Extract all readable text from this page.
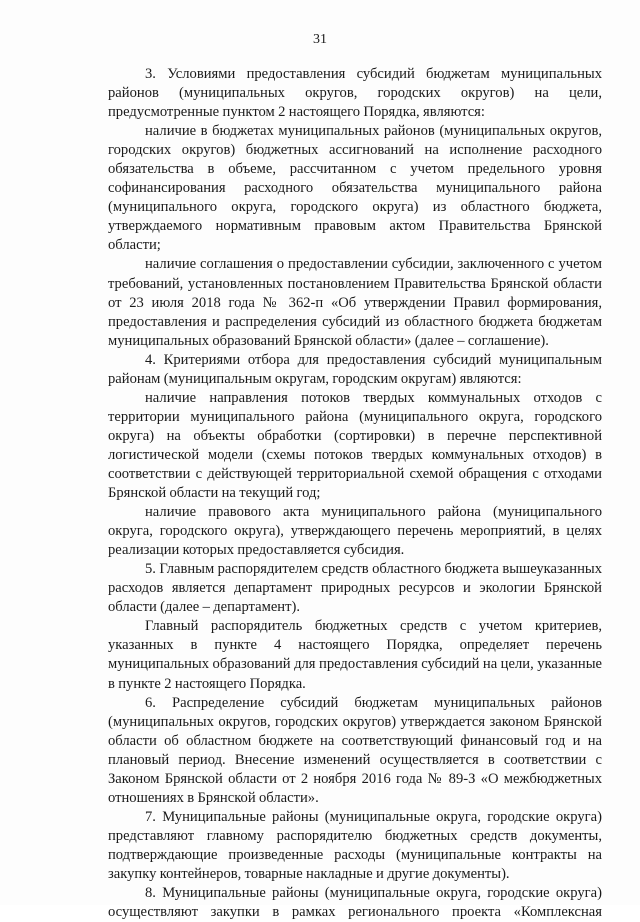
31

3. Условиями предоставления субсидий бюджетам муниципальных районов (муниципальных округов, городских округов) на цели, предусмотренные пунктом 2 настоящего Порядка, являются:

наличие в бюджетах муниципальных районов (муниципальных округов, городских округов) бюджетных ассигнований на исполнение расходного обязательства в объеме, рассчитанном с учетом предельного уровня софинансирования расходного обязательства муниципального района (муниципального округа, городского округа) из областного бюджета, утверждаемого нормативным правовым актом Правительства Брянской области;

наличие соглашения о предоставлении субсидии, заключенного с учетом требований, установленных постановлением Правительства Брянской области от 23 июля 2018 года № 362-п «Об утверждении Правил формирования, предоставления и распределения субсидий из областного бюджета бюджетам муниципальных образований Брянской области» (далее – соглашение).

4. Критериями отбора для предоставления субсидий муниципальным районам (муниципальным округам, городским округам) являются:

наличие направления потоков твердых коммунальных отходов с территории муниципального района (муниципального округа, городского округа) на объекты обработки (сортировки) в перечне перспективной логистической модели (схемы потоков твердых коммунальных отходов) в соответствии с действующей территориальной схемой обращения с отходами Брянской области на текущий год;

наличие правового акта муниципального района (муниципального округа, городского округа), утверждающего перечень мероприятий, в целях реализации которых предоставляется субсидия.

5. Главным распорядителем средств областного бюджета вышеуказанных расходов является департамент природных ресурсов и экологии Брянской области (далее – департамент).

Главный распорядитель бюджетных средств с учетом критериев, указанных в пункте 4 настоящего Порядка, определяет перечень муниципальных образований для предоставления субсидий на цели, указанные в пункте 2 настоящего Порядка.

6. Распределение субсидий бюджетам муниципальных районов (муниципальных округов, городских округов) утверждается законом Брянской области об областном бюджете на соответствующий финансовый год и на плановый период. Внесение изменений осуществляется в соответствии с Законом Брянской области от 2 ноября 2016 года № 89-З «О межбюджетных отношениях в Брянской области».

7. Муниципальные районы (муниципальные округа, городские округа) представляют главному распорядителю бюджетных средств документы, подтверждающие произведенные расходы (муниципальные контракты на закупку контейнеров, товарные накладные и другие документы).

8. Муниципальные районы (муниципальные округа, городские округа) осуществляют закупки в рамках регионального проекта «Комплексная
